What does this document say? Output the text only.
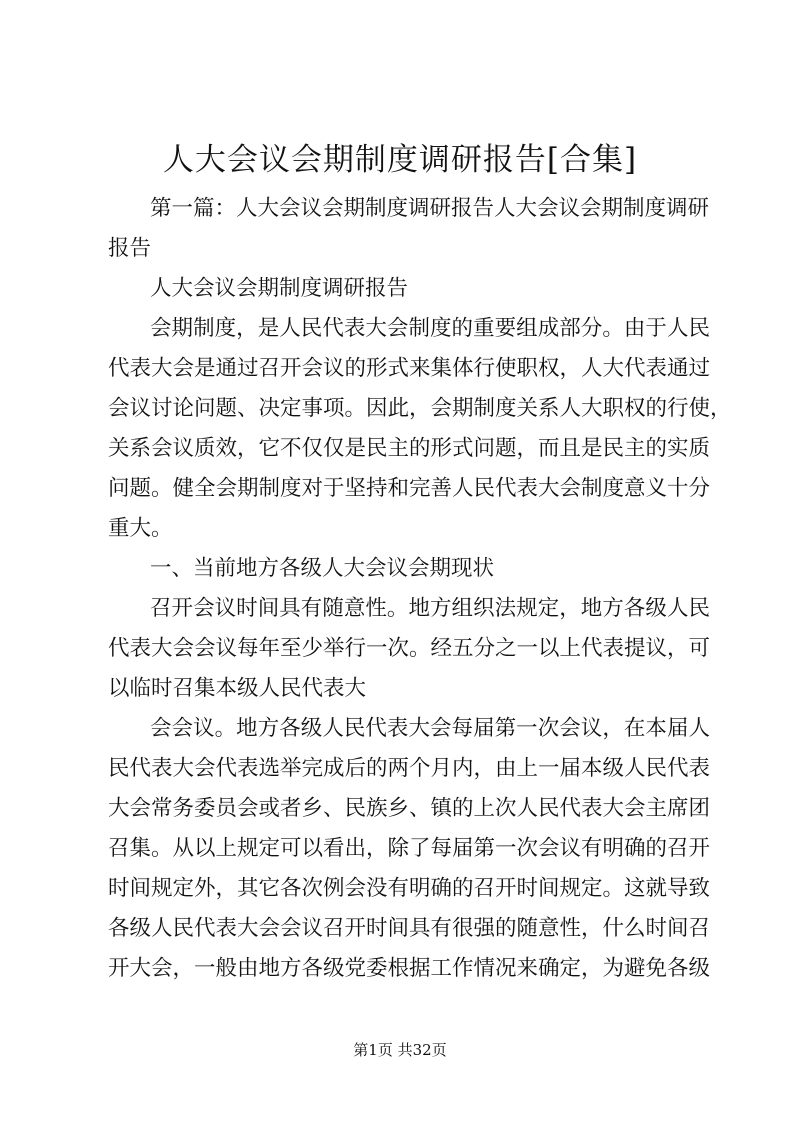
人大会议会期制度调研报告[合集]
第一篇：人大会议会期制度调研报告人大会议会期制度调研
报告
人大会议会期制度调研报告
会期制度，是人民代表大会制度的重要组成部分。由于人民
代表大会是通过召开会议的形式来集体行使职权，人大代表通过
会议讨论问题、决定事项。因此，会期制度关系人大职权的行使，
关系会议质效，它不仅仅是民主的形式问题，而且是民主的实质
问题。健全会期制度对于坚持和完善人民代表大会制度意义十分
重大。
一、当前地方各级人大会议会期现状
召开会议时间具有随意性。地方组织法规定，地方各级人民
代表大会会议每年至少举行一次。经五分之一以上代表提议，可
以临时召集本级人民代表大
会会议。地方各级人民代表大会每届第一次会议，在本届人
民代表大会代表选举完成后的两个月内，由上一届本级人民代表
大会常务委员会或者乡、民族乡、镇的上次人民代表大会主席团
召集。从以上规定可以看出，除了每届第一次会议有明确的召开
时间规定外，其它各次例会没有明确的召开时间规定。这就导致
各级人民代表大会会议召开时间具有很强的随意性，什么时间召
开大会，一般由地方各级党委根据工作情况来确定，为避免各级
第1页 共32页
